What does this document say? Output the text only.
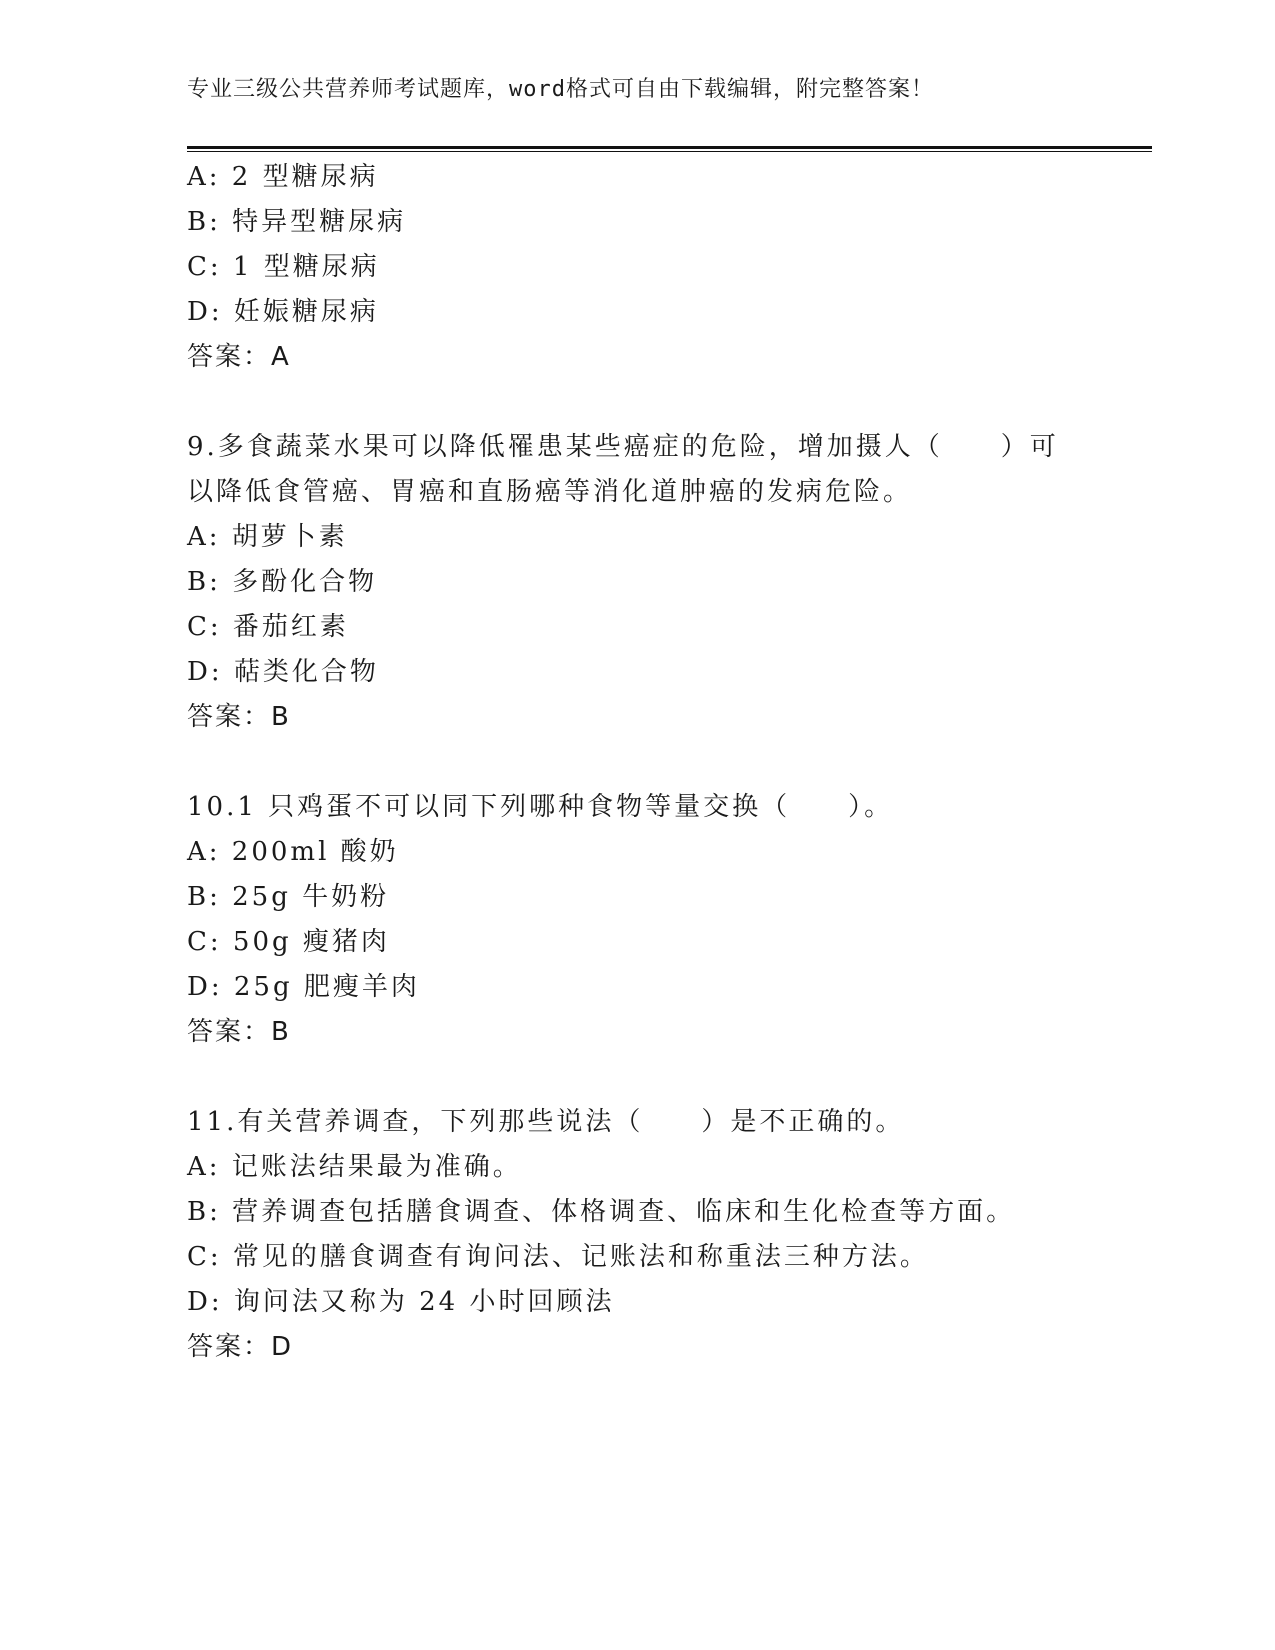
专业三级公共营养师考试题库，word格式可自由下载编辑，附完整答案！
A: 2 型糖尿病
B: 特异型糖尿病
C: 1 型糖尿病
D: 妊娠糖尿病
答案：A
9.多食蔬菜水果可以降低罹患某些癌症的危险，增加摄人（　　）可
以降低食管癌、胃癌和直肠癌等消化道肿癌的发病危险。
A: 胡萝卜素
B: 多酚化合物
C: 番茄红素
D: 萜类化合物
答案：B
10.1 只鸡蛋不可以同下列哪种食物等量交换（　　）。
A: 200ml 酸奶
B: 25g 牛奶粉
C: 50g 瘦猪肉
D: 25g 肥瘦羊肉
答案：B
11.有关营养调查，下列那些说法（　　）是不正确的。
A: 记账法结果最为准确。
B: 营养调查包括膳食调查、体格调查、临床和生化检查等方面。
C: 常见的膳食调查有询问法、记账法和称重法三种方法。
D: 询问法又称为 24 小时回顾法
答案：D
